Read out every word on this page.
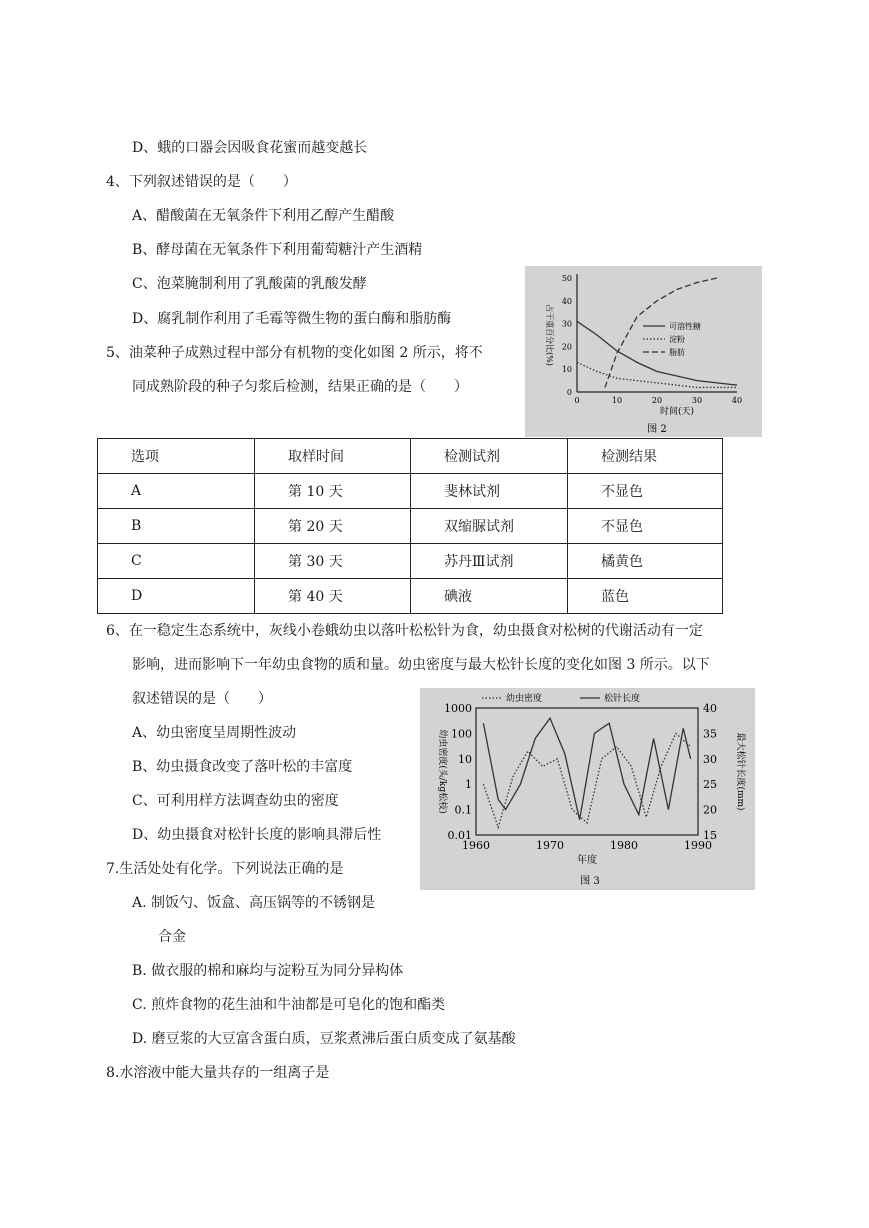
D、蛾的口器会因吸食花蜜而越变越长
4、下列叙述错误的是（　　）
A、醋酸菌在无氧条件下利用乙醇产生醋酸
B、酵母菌在无氧条件下利用葡萄糖汁产生酒精
C、泡菜腌制利用了乳酸菌的乳酸发酵
D、腐乳制作利用了毛霉等微生物的蛋白酶和脂肪酶
5、油菜种子成熟过程中部分有机物的变化如图 2 所示，将不
同成熟阶段的种子匀浆后检测，结果正确的是（　　）	0
10
20
30
40
50
0	10	20	30	40
时间(天)
占干重百分比(%)
图 2
可溶性糖
淀粉
脂肪
选项	取样时间	检测试剂	检测结果
A	第 10 天	斐林试剂	不显色
B	第 20 天	双缩脲试剂	不显色
C	第 30 天	苏丹Ⅲ试剂	橘黄色
D	第 40 天	碘液	蓝色
6、在一稳定生态系统中，灰线小卷蛾幼虫以落叶松松针为食，幼虫摄食对松树的代谢活动有一定
影响，进而影响下一年幼虫食物的质和量。幼虫密度与最大松针长度的变化如图 3 所示。以下
叙述错误的是（　　）
A、幼虫密度呈周期性波动
B、幼虫摄食改变了落叶松的丰富度
C、可利用样方法调查幼虫的密度
D、幼虫摄食对松针长度的影响具滞后性	0.01
0.1
1
10
100
1000
15
20
25
30
35
40
1960	1970	1980	1990
年度
幼虫密度(头/kg松枝)	最大松针长度(mm)
图 3
幼虫密度	松针长度
7.生活处处有化学。下列说法正确的是
A. 制饭勺、饭盒、高压锅等的不锈钢是
合金
B. 做衣服的棉和麻均与淀粉互为同分异构体
C. 煎炸食物的花生油和牛油都是可皂化的饱和酯类
D. 磨豆浆的大豆富含蛋白质，豆浆煮沸后蛋白质变成了氨基酸
8.水溶液中能大量共存的一组离子是
